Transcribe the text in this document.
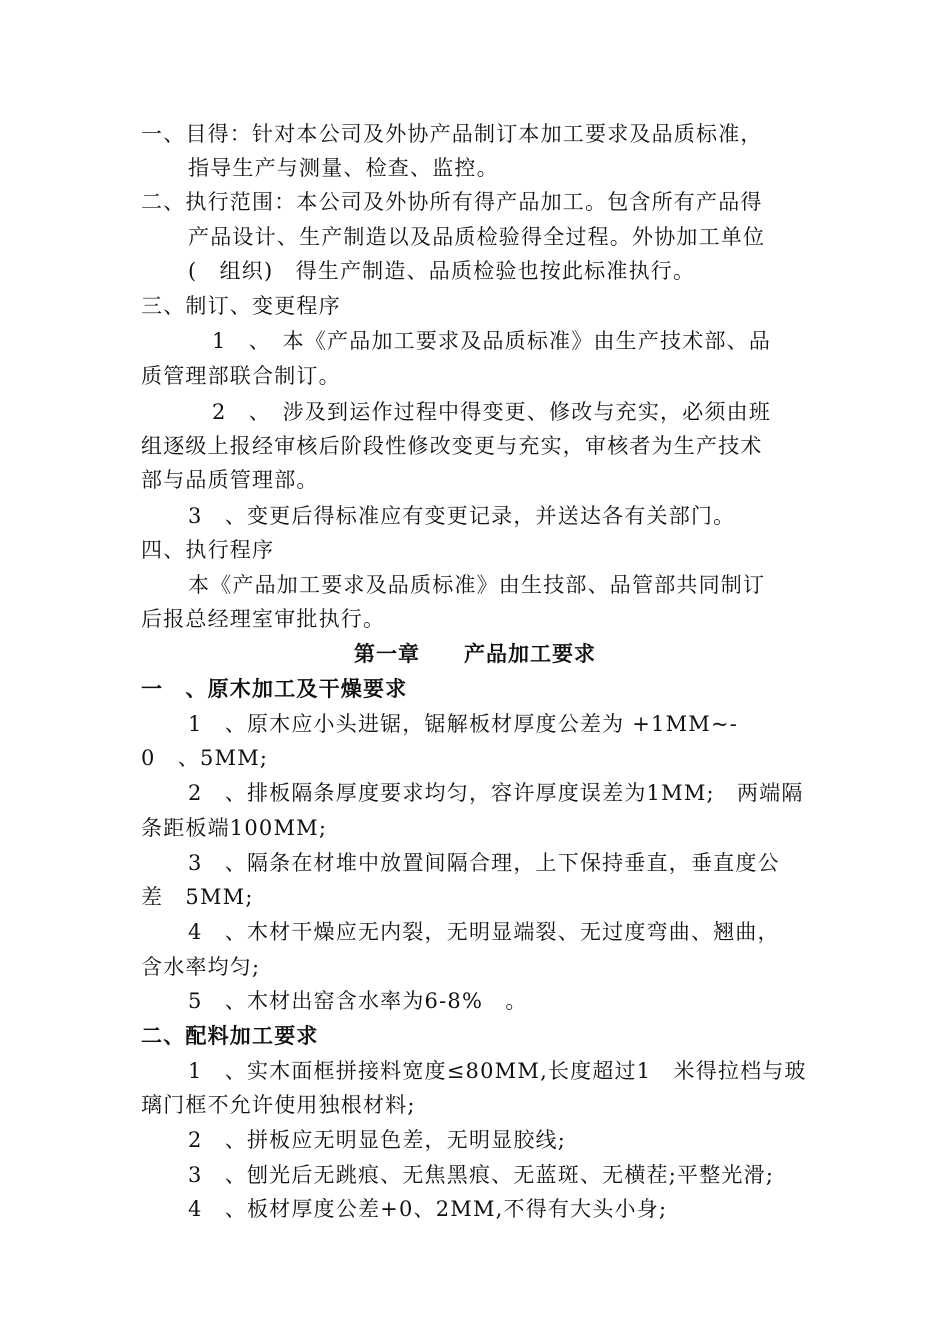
一、目得：针对本公司及外协产品制订本加工要求及品质标准，
指导生产与测量、检查、监控。
二、执行范围：本公司及外协所有得产品加工。包含所有产品得
产品设计、生产制造以及品质检验得全过程。外协加工单位
(　组织)　得生产制造、品质检验也按此标准执行。
三、制订、变更程序
1　、　本《产品加工要求及品质标准》由生产技术部、品
质管理部联合制订。
2　、　涉及到运作过程中得变更、修改与充实，必须由班
组逐级上报经审核后阶段性修改变更与充实，审核者为生产技术
部与品质管理部。
3　、变更后得标准应有变更记录，并送达各有关部门。
四、执行程序
本《产品加工要求及品质标准》由生技部、品管部共同制订
后报总经理室审批执行。
第一章　　产品加工要求
一　、原木加工及干燥要求
1　、原木应小头进锯，锯解板材厚度公差为 +1MM~-
0　、5MM;
2　、排板隔条厚度要求均匀，容许厚度误差为1MM;　两端隔
条距板端100MM;
3　、隔条在材堆中放置间隔合理，上下保持垂直，垂直度公
差　5MM;
4　、木材干燥应无内裂，无明显端裂、无过度弯曲、翘曲，
含水率均匀;
5　、木材出窑含水率为6-8%　。
二、配料加工要求
1　、实木面框拼接料宽度≤80MM,长度超过1　米得拉档与玻
璃门框不允许使用独根材料;
2　、拼板应无明显色差，无明显胶线;
3　、刨光后无跳痕、无焦黑痕、无蓝斑、无横茬;平整光滑;
4　、板材厚度公差+0、2MM,不得有大头小身;
